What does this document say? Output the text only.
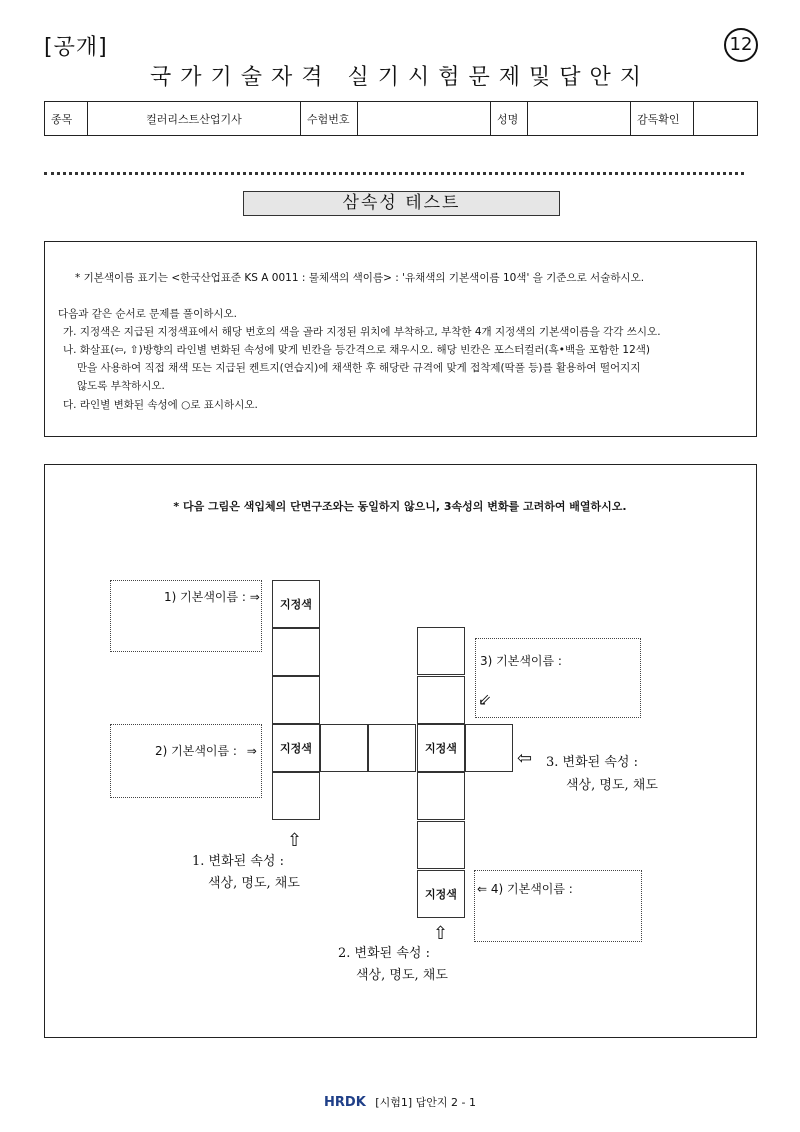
[공개]	12
국가기술자격 실기시험문제및답안지
종목	컬러리스트산업기사	수험번호		성명		감독확인	
삼속성 테스트
* 기본색이름 표기는 <한국산업표준 KS A 0011 : 물체색의 색이름> : '유채색의 기본색이름 10색' 을 기준으로 서술하시오.
다음과 같은 순서로 문제를 풀이하시오.
가. 지정색은 지급된 지정색표에서 해당 번호의 색을 골라 지정된 위치에 부착하고, 부착한 4개 지정색의 기본색이름을 각각 쓰시오.
나. 화살표(⇦, ⇧)방향의 라인별 변화된 속성에 맞게 빈칸을 등간격으로 채우시오. 해당 빈칸은 포스터컬러(흑•백을 포함한 12색)
만을 사용하여 직접 채색 또는 지급된 켄트지(연습지)에 채색한 후 해당란 규격에 맞게 접착제(딱풀 등)를 활용하여 떨어지지
않도록 부착하시오.
다. 라인별 변화된 속성에 ○로 표시하시오.
* 다음 그림은 색입체의 단면구조와는 동일하지 않으니, 3속성의 변화를 고려하여 배열하시오.
지정색
지정색	지정색
지정색
1) 기본색이름 : ⇒
2) 기본색이름 : ⇒
3) 기본색이름 :
⇙
⇐ 4) 기본색이름 :
⇧
1. 변화된 속성 :
색상, 명도, 채도
⇧
2. 변화된 속성 :
색상, 명도, 채도
⇦ 3. 변화된 속성 :
색상, 명도, 채도
HRDK [시험1] 답안지 2 - 1
